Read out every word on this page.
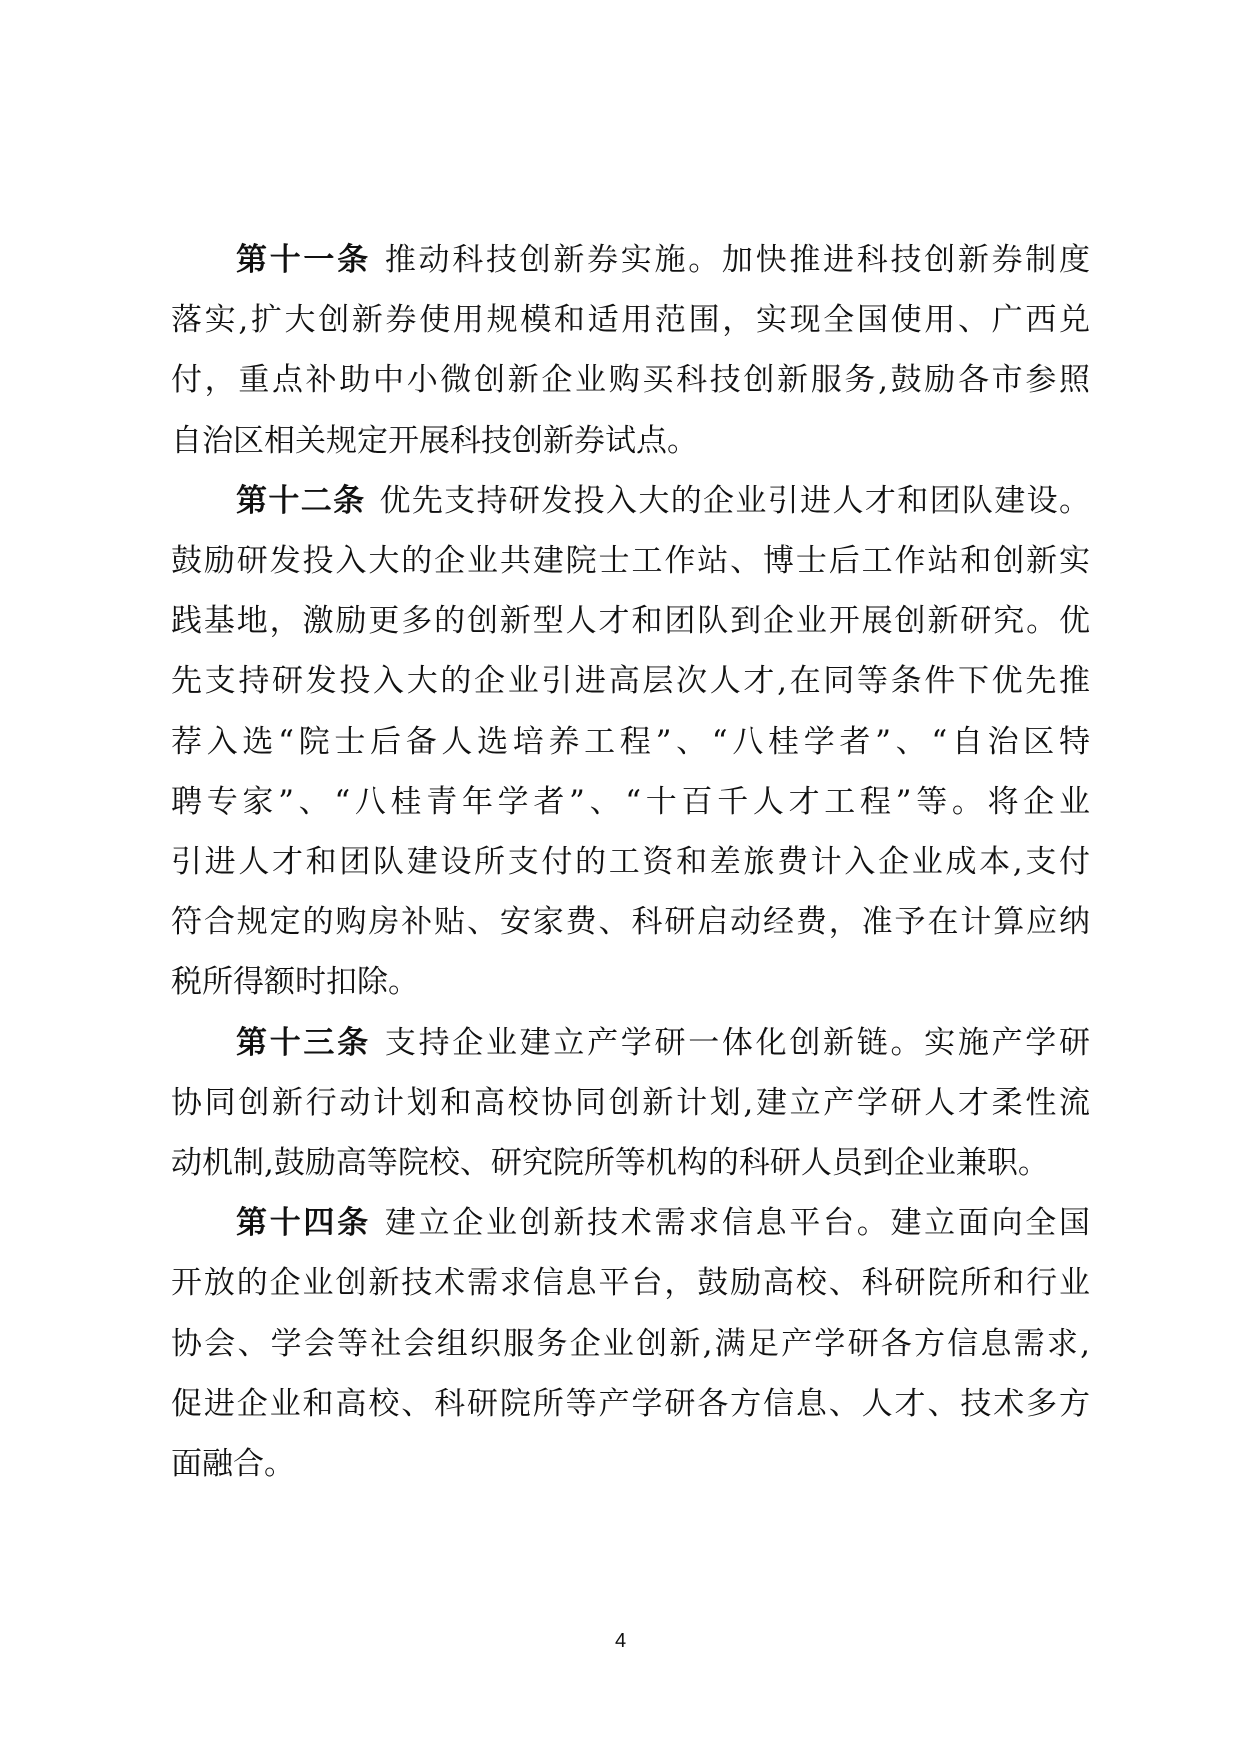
第十一条 推动科技创新券实施。加快推进科技创新券制度
落实,扩大创新券使用规模和适用范围，实现全国使用、广西兑
付，重点补助中小微创新企业购买科技创新服务,鼓励各市参照
自治区相关规定开展科技创新券试点。
第十二条 优先支持研发投入大的企业引进人才和团队建设。
鼓励研发投入大的企业共建院士工作站、博士后工作站和创新实
践基地，激励更多的创新型人才和团队到企业开展创新研究。优
先支持研发投入大的企业引进高层次人才,在同等条件下优先推
荐入选“院士后备人选培养工程”、“八桂学者”、“自治区特
聘专家”、“八桂青年学者”、“十百千人才工程”等。将企业
引进人才和团队建设所支付的工资和差旅费计入企业成本,支付
符合规定的购房补贴、安家费、科研启动经费，准予在计算应纳
税所得额时扣除。
第十三条 支持企业建立产学研一体化创新链。实施产学研
协同创新行动计划和高校协同创新计划,建立产学研人才柔性流
动机制,鼓励高等院校、研究院所等机构的科研人员到企业兼职。
第十四条 建立企业创新技术需求信息平台。建立面向全国
开放的企业创新技术需求信息平台，鼓励高校、科研院所和行业
协会、学会等社会组织服务企业创新,满足产学研各方信息需求,
促进企业和高校、科研院所等产学研各方信息、人才、技术多方
面融合。
4
